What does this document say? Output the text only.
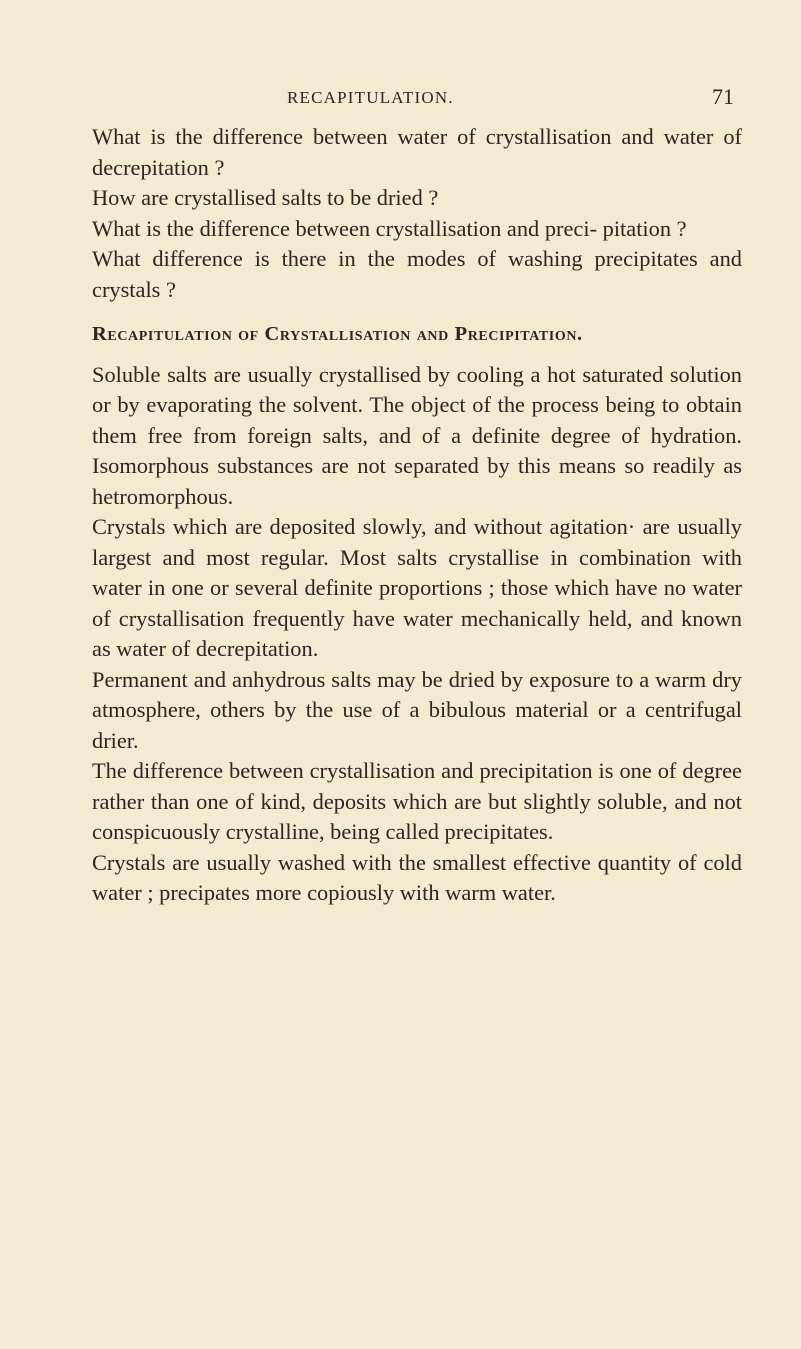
RECAPITULATION.	71

What is the difference between water of crystallisation and water of decrepitation ?

How are crystallised salts to be dried ?

What is the difference between crystallisation and preci- pitation ?

What difference is there in the modes of washing precipitates and crystals ?

Recapitulation of Crystallisation and Precipitation.

Soluble salts are usually crystallised by cooling a hot saturated solution or by evaporating the solvent. The object of the process being to obtain them free from foreign salts, and of a definite degree of hydration. Isomorphous substances are not separated by this means so readily as hetromorphous.

Crystals which are deposited slowly, and without agitation· are usually largest and most regular. Most salts crystallise in combination with water in one or several definite proportions ; those which have no water of crystallisation frequently have water mechanically held, and known as water of decrepitation.

Permanent and anhydrous salts may be dried by exposure to a warm dry atmosphere, others by the use of a bibulous material or a centrifugal drier.

The difference between crystallisation and precipitation is one of degree rather than one of kind, deposits which are but slightly soluble, and not conspicuously crystalline, being called precipitates.

Crystals are usually washed with the smallest effective quantity of cold water ; precipates more copiously with warm water.
